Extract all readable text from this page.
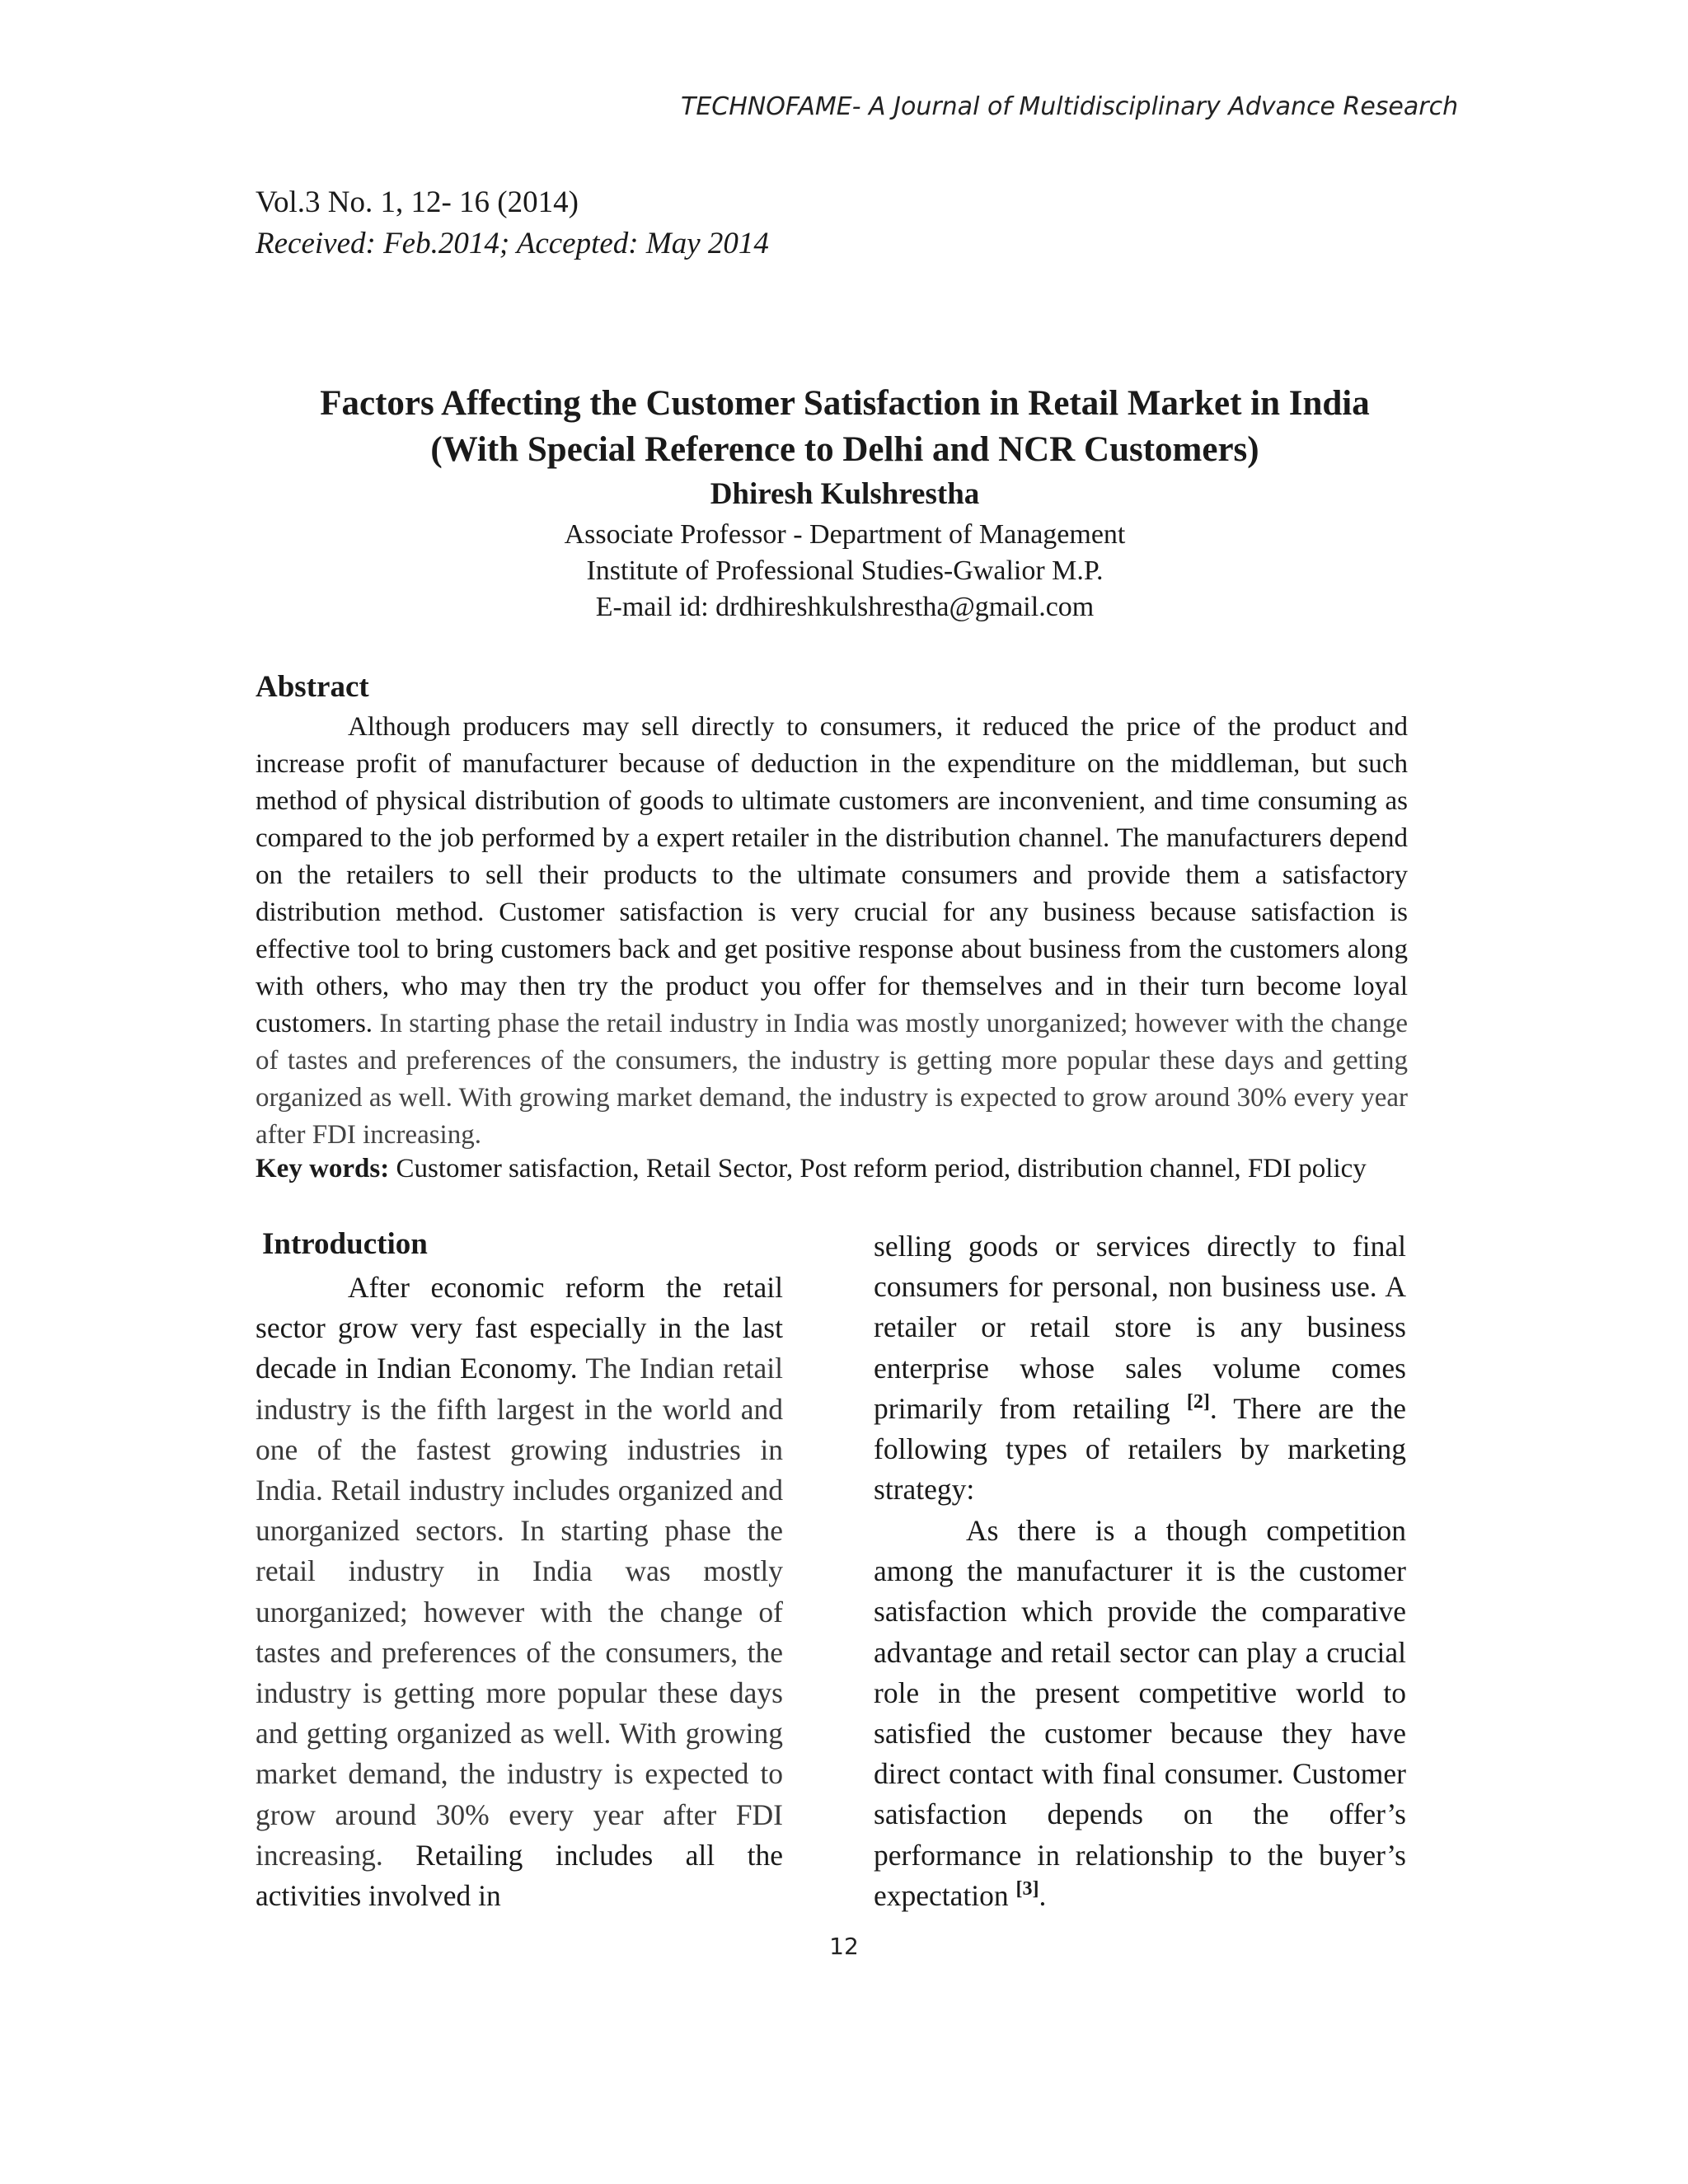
TECHNOFAME- A Journal of Multidisciplinary Advance Research
Vol.3 No. 1, 12- 16 (2014)
Received: Feb.2014; Accepted: May 2014
Factors Affecting the Customer Satisfaction in Retail Market in India
(With Special Reference to Delhi and NCR Customers)
Dhiresh Kulshrestha
Associate Professor - Department of Management
Institute of Professional Studies-Gwalior M.P.
E-mail id: drdhireshkulshrestha@gmail.com
Abstract

Although producers may sell directly to consumers, it reduced the price of the product and increase profit of manufacturer because of deduction in the expenditure on the middleman, but such method of physical distribution of goods to ultimate customers are inconvenient, and time consuming as compared to the job performed by a expert retailer in the distribution channel. The manufacturers depend on the retailers to sell their products to the ultimate consumers and provide them a satisfactory distribution method. Customer satisfaction is very crucial for any business because satisfaction is effective tool to bring customers back and get positive response about business from the customers along with others, who may then try the product you offer for themselves and in their turn become loyal customers. In starting phase the retail industry in India was mostly unorganized; however with the change of tastes and preferences of the consumers, the industry is getting more popular these days and getting organized as well. With growing market demand, the industry is expected to grow around 30% every year after FDI increasing.

Key words: Customer satisfaction, Retail Sector, Post reform period, distribution channel, FDI policy

Introduction

After economic reform the retail sector grow very fast especially in the last decade in Indian Economy. The Indian retail industry is the fifth largest in the world and one of the fastest growing industries in India. Retail industry includes organized and unorganized sectors. In starting phase the retail industry in India was mostly unorganized; however with the change of tastes and preferences of the consumers, the industry is getting more popular these days and getting organized as well. With growing market demand, the industry is expected to grow around 30% every year after FDI increasing. Retailing includes all the activities involved in

selling goods or services directly to final consumers for personal, non business use. A retailer or retail store is any business enterprise whose sales volume comes primarily from retailing [2]. There are the following types of retailers by marketing strategy:

As there is a though competition among the manufacturer it is the customer satisfaction which provide the comparative advantage and retail sector can play a crucial role in the present competitive world to satisfied the customer because they have direct contact with final consumer. Customer satisfaction depends on the offer’s performance in relationship to the buyer’s expectation [3].

12
